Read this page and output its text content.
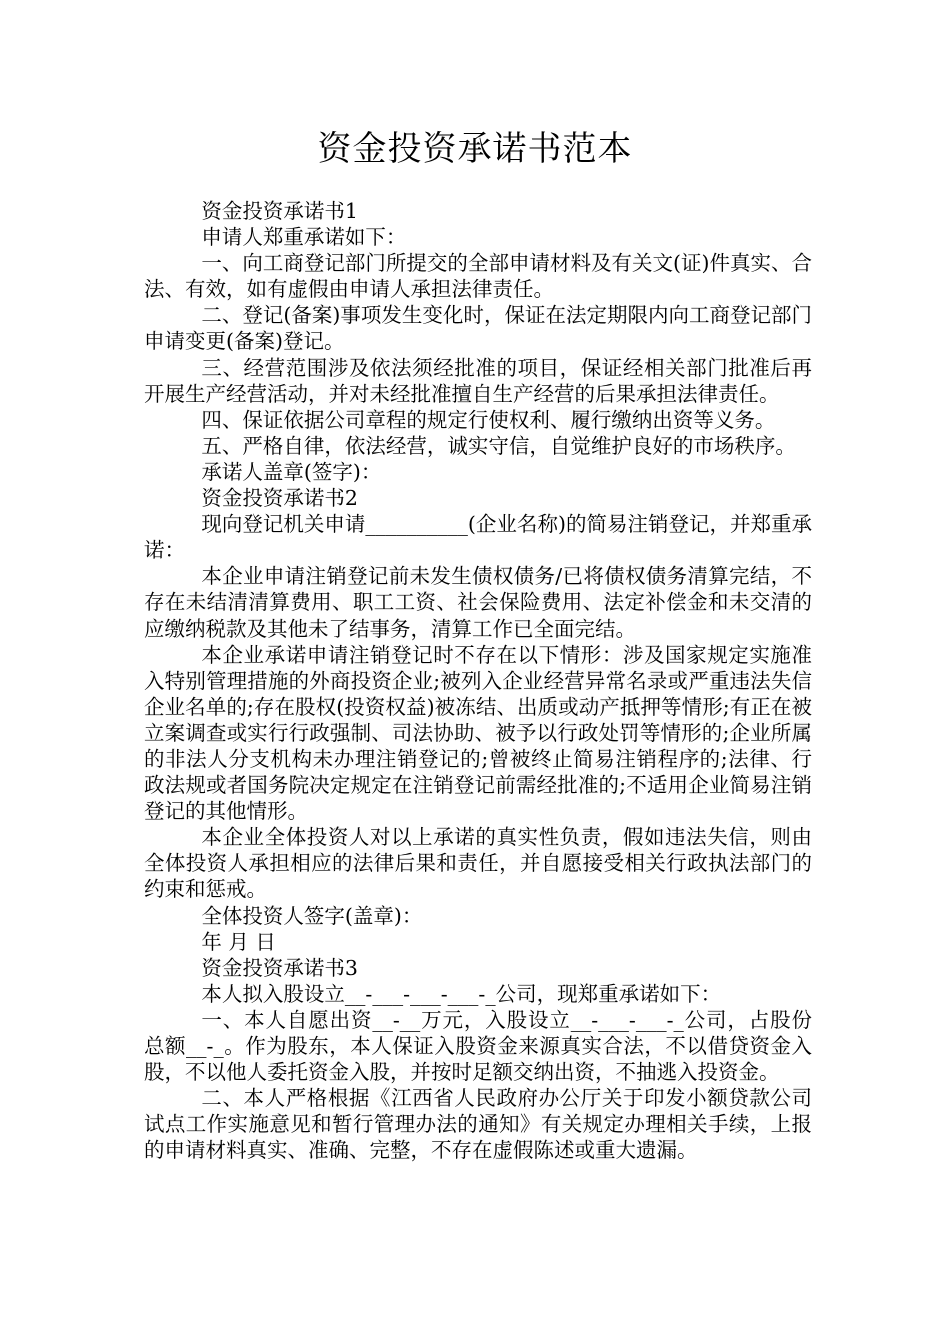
资金投资承诺书范本

资金投资承诺书1

申请人郑重承诺如下：

一、向工商登记部门所提交的全部申请材料及有关文(证)件真实、合法、有效，如有虚假由申请人承担法律责任。

二、登记(备案)事项发生变化时，保证在法定期限内向工商登记部门申请变更(备案)登记。

三、经营范围涉及依法须经批准的项目，保证经相关部门批准后再开展生产经营活动，并对未经批准擅自生产经营的后果承担法律责任。

四、保证依据公司章程的规定行使权利、履行缴纳出资等义务。

五、严格自律，依法经营，诚实守信，自觉维护良好的市场秩序。

承诺人盖章(签字)：

资金投资承诺书2

现向登记机关申请__________(企业名称)的简易注销登记，并郑重承诺：

本企业申请注销登记前未发生债权债务/已将债权债务清算完结，不存在未结清清算费用、职工工资、社会保险费用、法定补偿金和未交清的应缴纳税款及其他未了结事务，清算工作已全面完结。

本企业承诺申请注销登记时不存在以下情形：涉及国家规定实施准入特别管理措施的外商投资企业;被列入企业经营异常名录或严重违法失信企业名单的;存在股权(投资权益)被冻结、出质或动产抵押等情形;有正在被立案调查或实行行政强制、司法协助、被予以行政处罚等情形的;企业所属的非法人分支机构未办理注销登记的;曾被终止简易注销程序的;法律、行政法规或者国务院决定规定在注销登记前需经批准的;不适用企业简易注销登记的其他情形。

本企业全体投资人对以上承诺的真实性负责，假如违法失信，则由全体投资人承担相应的法律后果和责任，并自愿接受相关行政执法部门的约束和惩戒。

全体投资人签字(盖章)：

年 月 日

资金投资承诺书3

本人拟入股设立__-___-___-___-_公司，现郑重承诺如下：

一、本人自愿出资__-__万元，入股设立__-___-___-_公司，占股份总额__-_。作为股东，本人保证入股资金来源真实合法，不以借贷资金入股，不以他人委托资金入股，并按时足额交纳出资，不抽逃入投资金。

二、本人严格根据《江西省人民政府办公厅关于印发小额贷款公司试点工作实施意见和暂行管理办法的通知》有关规定办理相关手续，上报的申请材料真实、准确、完整，不存在虚假陈述或重大遗漏。
